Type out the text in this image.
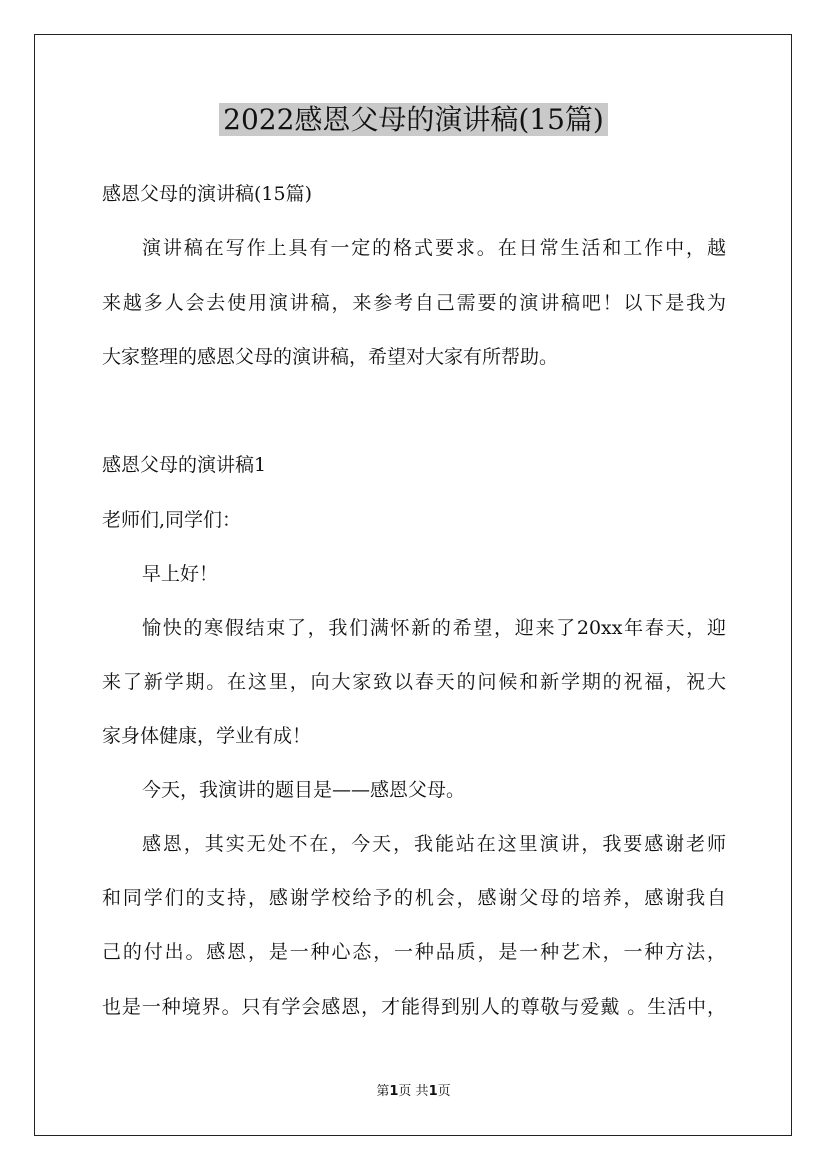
2022感恩父母的演讲稿(15篇)
感恩父母的演讲稿(15篇)
演讲稿在写作上具有一定的格式要求。在日常生活和工作中，越
来越多人会去使用演讲稿，来参考自己需要的演讲稿吧！以下是我为
大家整理的感恩父母的演讲稿，希望对大家有所帮助。
感恩父母的演讲稿1
老师们,同学们：
早上好！
愉快的寒假结束了，我们满怀新的希望，迎来了20xx年春天，迎
来了新学期。在这里，向大家致以春天的问候和新学期的祝福，祝大
家身体健康，学业有成！
今天，我演讲的题目是——感恩父母。
感恩，其实无处不在，今天，我能站在这里演讲，我要感谢老师
和同学们的支持，感谢学校给予的机会，感谢父母的培养，感谢我自
己的付出。感恩，是一种心态，一种品质，是一种艺术，一种方法，
也是一种境界。只有学会感恩，才能得到别人的尊敬与爱戴 。生活中，
第1页 共1页
